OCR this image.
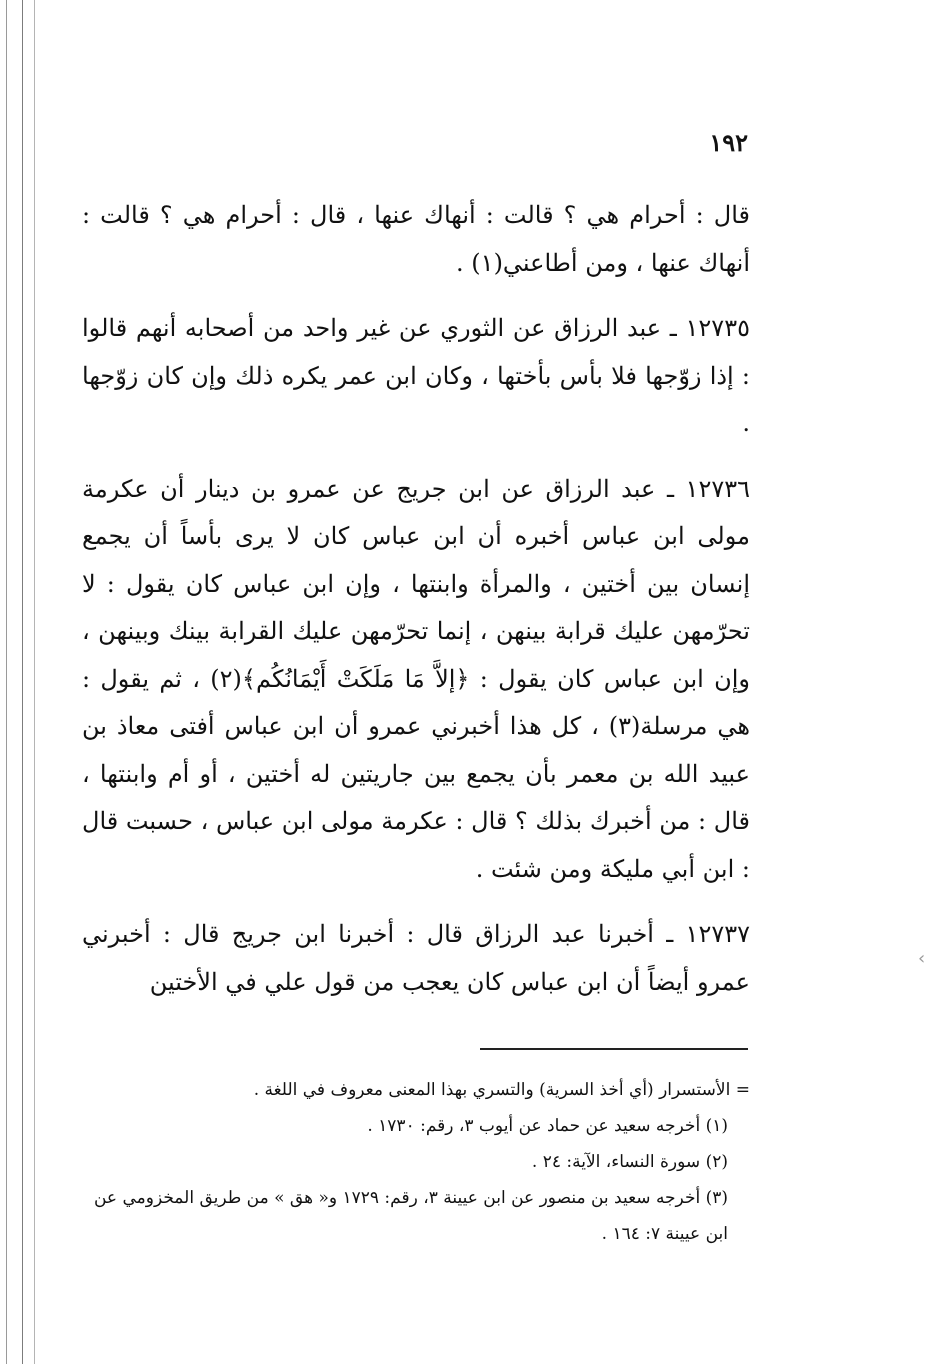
١٩٢

قال : أحرام هي ؟ قالت : أنهاك عنها ، قال : أحرام هي ؟ قالت : أنهاك عنها ، ومن أطاعني(١) .

١٢٧٣٥ ـ عبد الرزاق عن الثوري عن غير واحد من أصحابه أنهم قالوا : إذا زوّجها فلا بأس بأختها ، وكان ابن عمر يكره ذلك وإن كان زوّجها .

١٢٧٣٦ ـ عبد الرزاق عن ابن جريج عن عمرو بن دينار أن عكرمة مولى ابن عباس أخبره أن ابن عباس كان لا يرى بأساً أن يجمع إنسان بين أختين ، والمرأة وابنتها ، وإن ابن عباس كان يقول : لا تحرّمهن عليك قرابة بينهن ، إنما تحرّمهن عليك القرابة بينك وبينهن ، وإن ابن عباس كان يقول : ﴿إلاَّ مَا مَلَكَتْ أَيْمَانُكُم﴾(٢) ، ثم يقول : هي مرسلة(٣) ، كل هذا أخبرني عمرو أن ابن عباس أفتى معاذ بن عبيد الله بن معمر بأن يجمع بين جاريتين له أختين ، أو أم وابنتها ، قال : من أخبرك بذلك ؟ قال : عكرمة مولى ابن عباس ، حسبت قال : ابن أبي مليكة ومن شئت .

١٢٧٣٧ ـ أخبرنا عبد الرزاق قال : أخبرنا ابن جريج قال : أخبرني عمرو أيضاً أن ابن عباس كان يعجب من قول علي في الأختين

= الأستسرار (أي أخذ السرية) والتسري بهذا المعنى معروف في اللغة .

(١) أخرجه سعيد عن حماد عن أيوب ٣، رقم: ١٧٣٠ .

(٢) سورة النساء، الآية: ٢٤ .

(٣) أخرجه سعيد بن منصور عن ابن عيينة ٣، رقم: ١٧٢٩ و« هق » من طريق المخزومي عن ابن عيينة ٧: ١٦٤ .

‹
